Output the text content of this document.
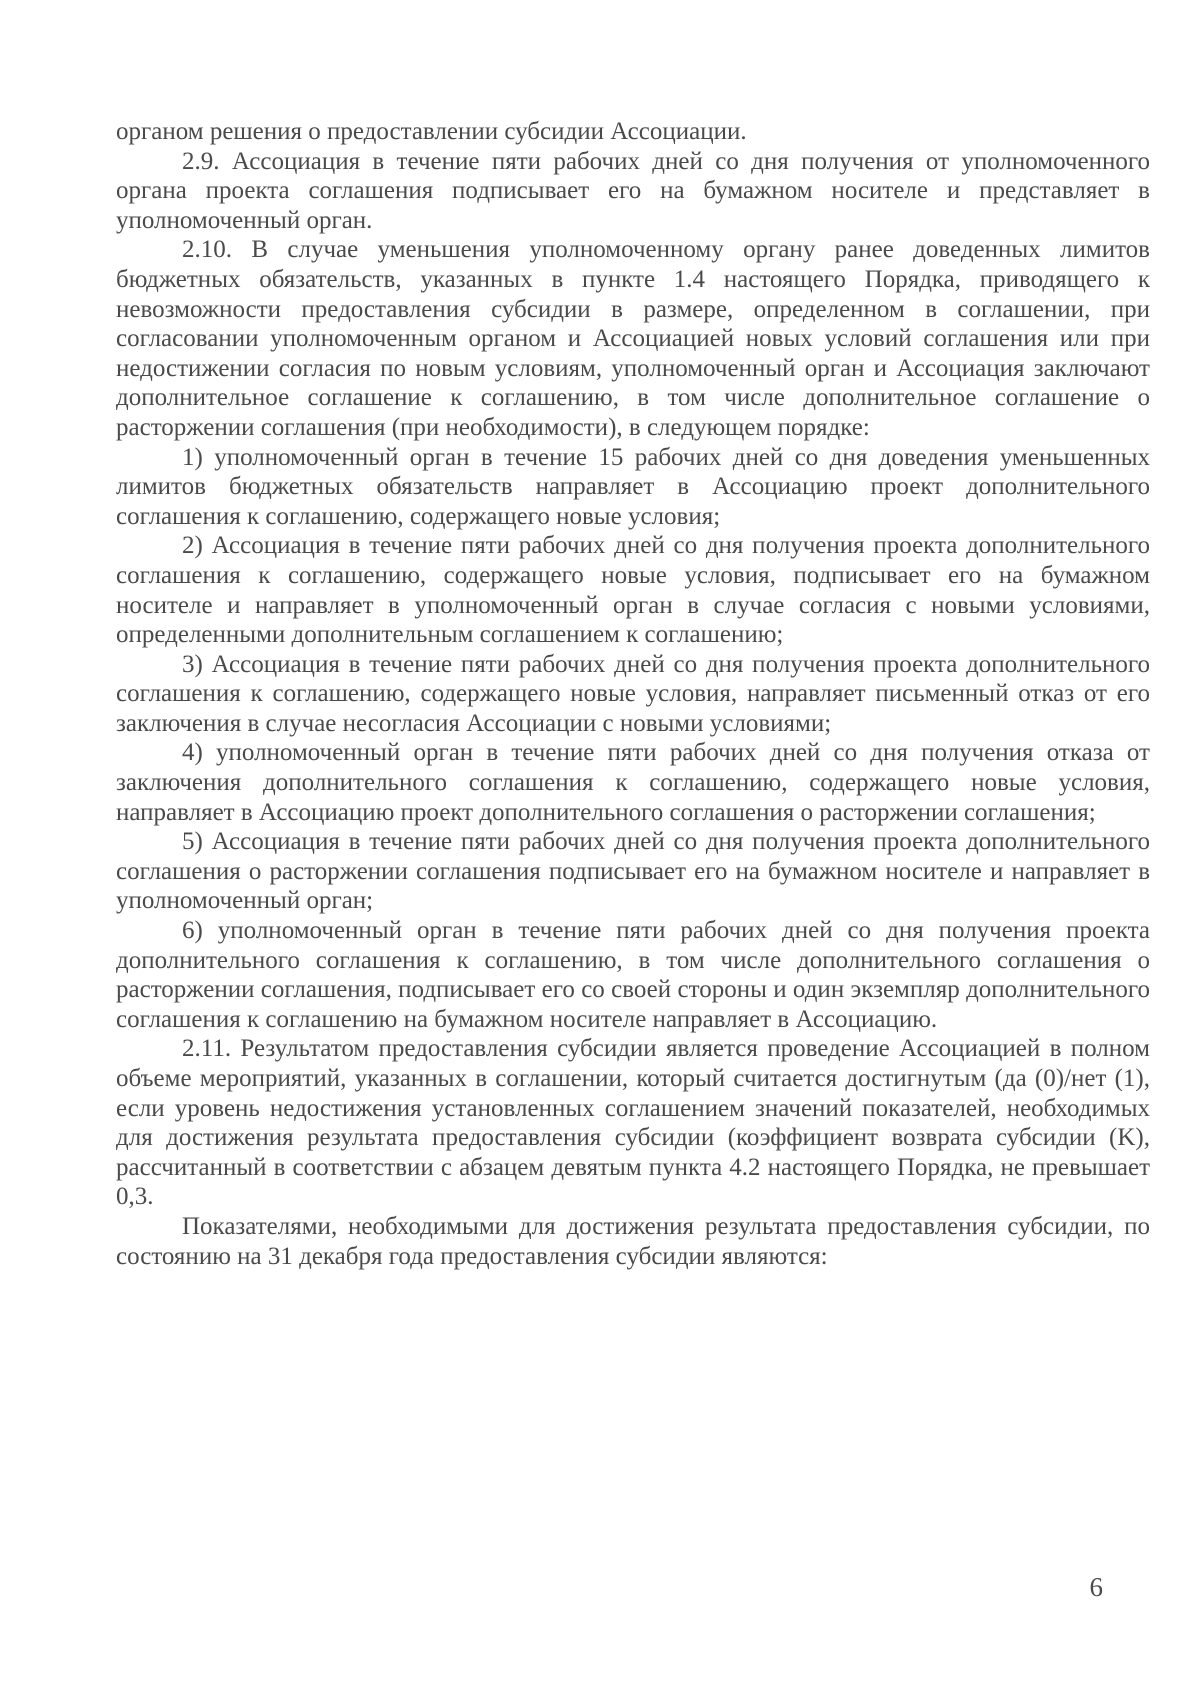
органом решения о предоставлении субсидии Ассоциации.

2.9. Ассоциация в течение пяти рабочих дней со дня получения от уполномоченного органа проекта соглашения подписывает его на бумажном носителе и представляет в уполномоченный орган.

2.10. В случае уменьшения уполномоченному органу ранее доведенных лимитов бюджетных обязательств, указанных в пункте 1.4 настоящего Порядка, приводящего к невозможности предоставления субсидии в размере, определенном в соглашении, при согласовании уполномоченным органом и Ассоциацией новых условий соглашения или при недостижении согласия по новым условиям, уполномоченный орган и Ассоциация заключают дополнительное соглашение к соглашению, в том числе дополнительное соглашение о расторжении соглашения (при необходимости), в следующем порядке:

1) уполномоченный орган в течение 15 рабочих дней со дня доведения уменьшенных лимитов бюджетных обязательств направляет в Ассоциацию проект дополнительного соглашения к соглашению, содержащего новые условия;

2) Ассоциация в течение пяти рабочих дней со дня получения проекта дополнительного соглашения к соглашению, содержащего новые условия, подписывает его на бумажном носителе и направляет в уполномоченный орган в случае согласия с новыми условиями, определенными дополнительным соглашением к соглашению;

3) Ассоциация в течение пяти рабочих дней со дня получения проекта дополнительного соглашения к соглашению, содержащего новые условия, направляет письменный отказ от его заключения в случае несогласия Ассоциации с новыми условиями;

4) уполномоченный орган в течение пяти рабочих дней со дня получения отказа от заключения дополнительного соглашения к соглашению, содержащего новые условия, направляет в Ассоциацию проект дополнительного соглашения о расторжении соглашения;

5) Ассоциация в течение пяти рабочих дней со дня получения проекта дополнительного соглашения о расторжении соглашения подписывает его на бумажном носителе и направляет в уполномоченный орган;

6) уполномоченный орган в течение пяти рабочих дней со дня получения проекта дополнительного соглашения к соглашению, в том числе дополнительного соглашения о расторжении соглашения, подписывает его со своей стороны и один экземпляр дополнительного соглашения к соглашению на бумажном носителе направляет в Ассоциацию.

2.11. Результатом предоставления субсидии является проведение Ассоциацией в полном объеме мероприятий, указанных в соглашении, который считается достигнутым (да (0)/нет (1), если уровень недостижения установленных соглашением значений показателей, необходимых для достижения результата предоставления субсидии (коэффициент возврата субсидии (K), рассчитанный в соответствии с абзацем девятым пункта 4.2 настоящего Порядка, не превышает 0,3.

Показателями, необходимыми для достижения результата предоставления субсидии, по состоянию на 31 декабря года предоставления субсидии являются:

6
